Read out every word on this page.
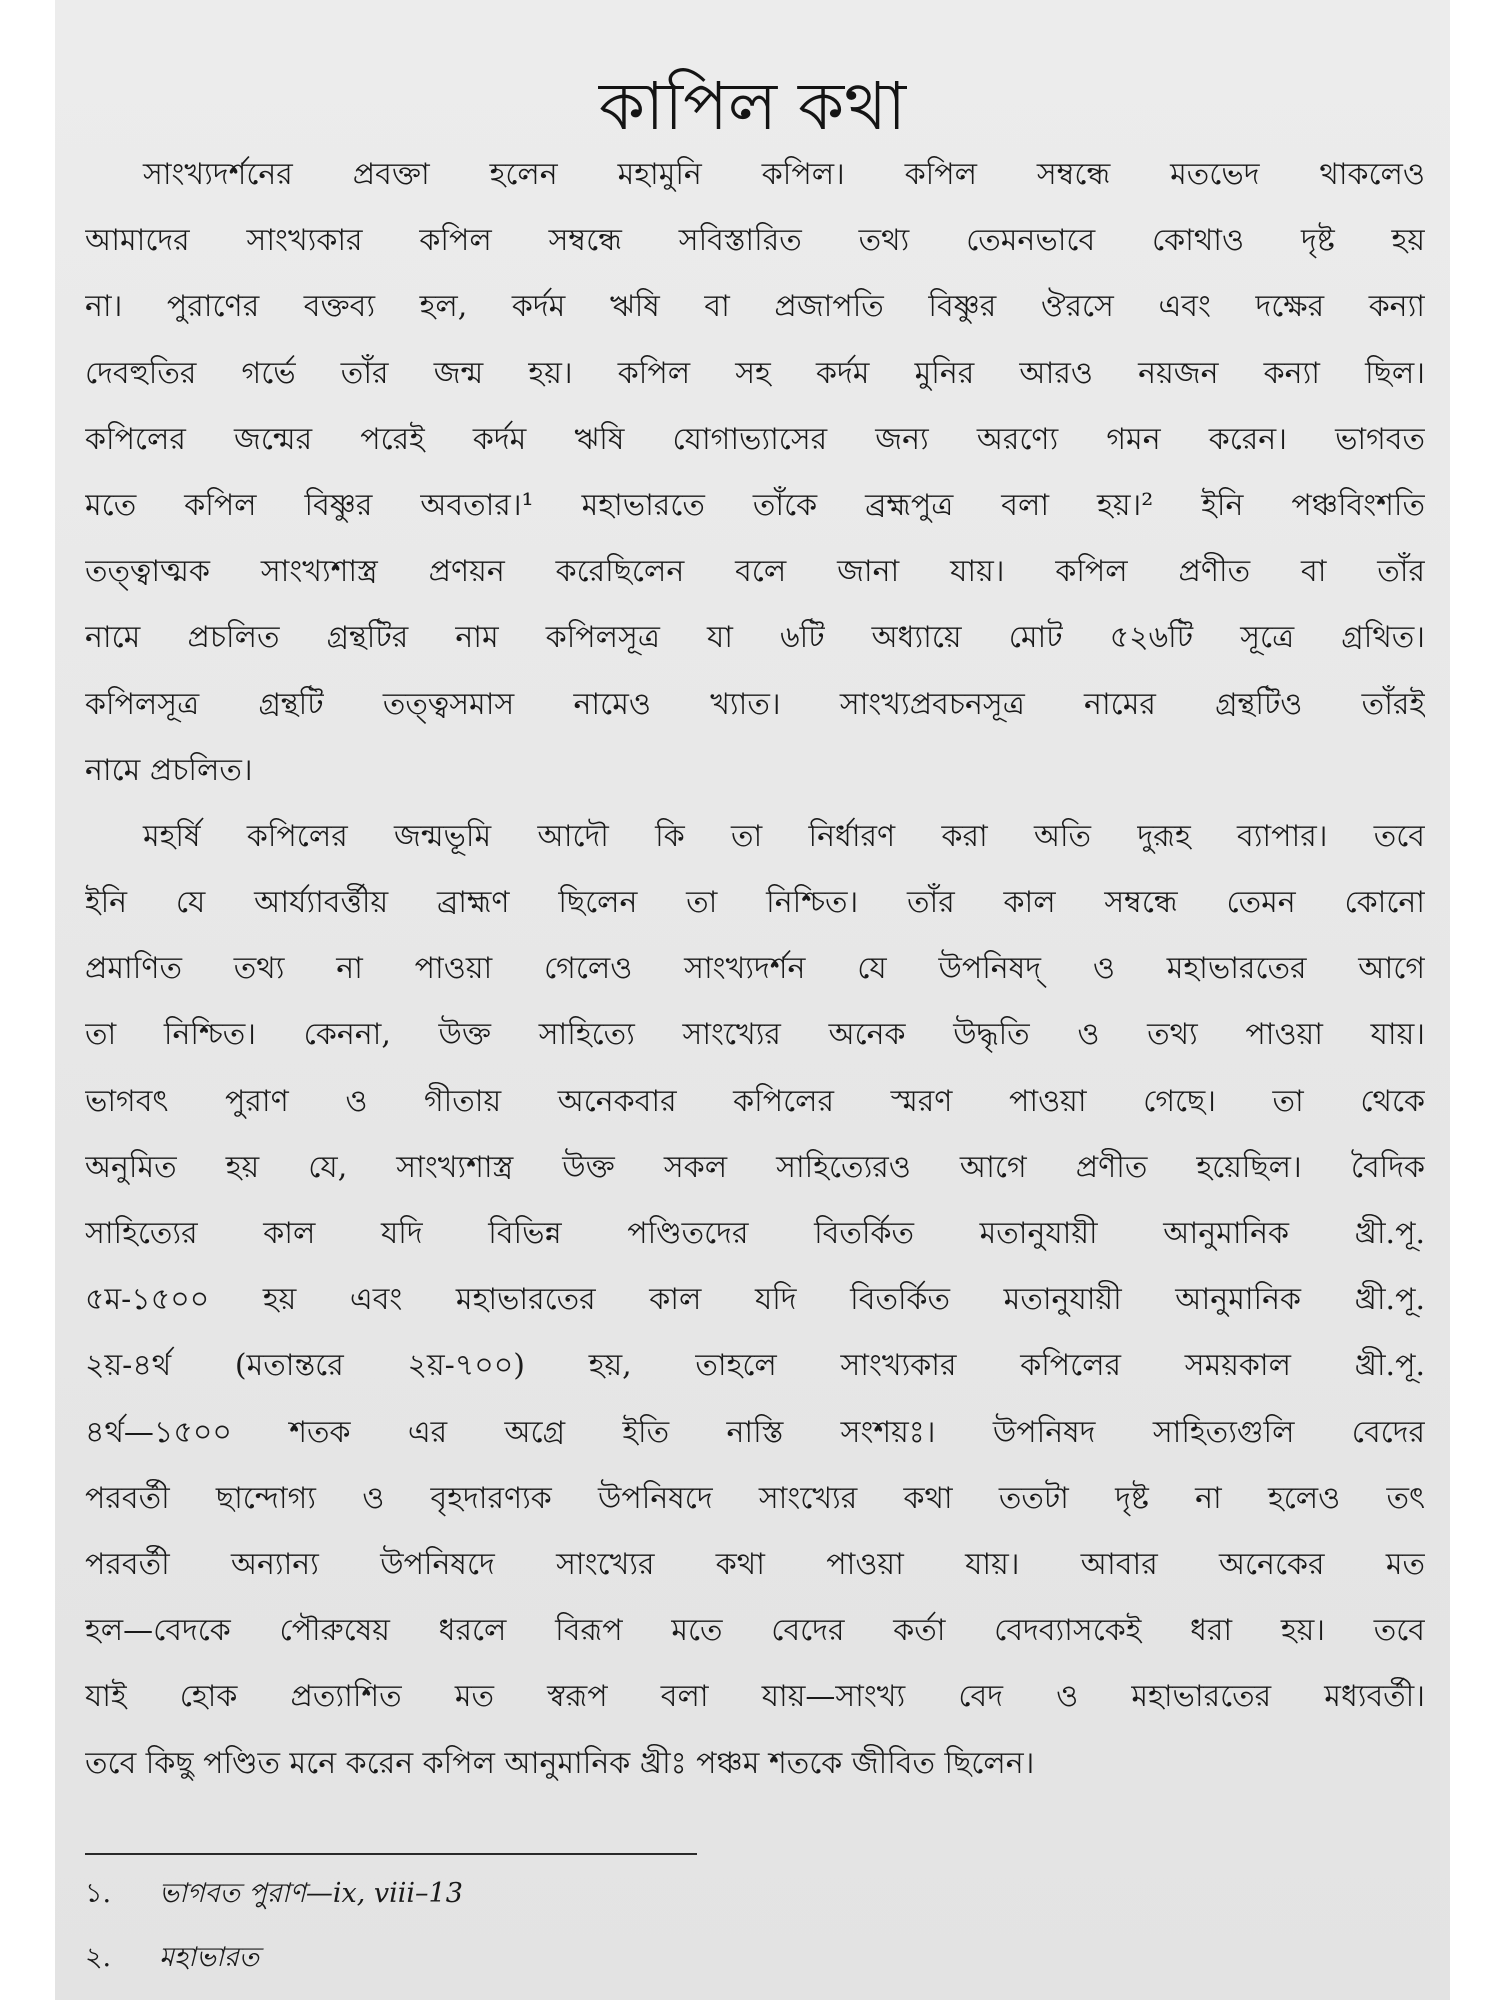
কাপিল কথা
সাংখ্যদর্শনের প্রবক্তা হলেন মহামুনি কপিল। কপিল সম্বন্ধে মতভেদ থাকলেও
আমাদের সাংখ্যকার কপিল সম্বন্ধে সবিস্তারিত তথ্য তেমনভাবে কোথাও দৃষ্ট হয়
না। পুরাণের বক্তব্য হল, কর্দম ঋষি বা প্রজাপতি বিষ্ণুর ঔরসে এবং দক্ষের কন্যা
দেবহুতির গর্ভে তাঁর জন্ম হয়। কপিল সহ কর্দম মুনির আরও নয়জন কন্যা ছিল।
কপিলের জন্মের পরেই কর্দম ঋষি যোগাভ্যাসের জন্য অরণ্যে গমন করেন। ভাগবত
মতে কপিল বিষ্ণুর অবতার।¹ মহাভারতে তাঁকে ব্রহ্মপুত্র বলা হয়।² ইনি পঞ্চবিংশতি
তত্ত্বাত্মক সাংখ্যশাস্ত্র প্রণয়ন করেছিলেন বলে জানা যায়। কপিল প্রণীত বা তাঁর
নামে প্রচলিত গ্রন্থটির নাম কপিলসূত্র যা ৬টি অধ্যায়ে মোট ৫২৬টি সূত্রে গ্রথিত।
কপিলসূত্র গ্রন্থটি তত্ত্বসমাস নামেও খ্যাত। সাংখ্যপ্রবচনসূত্র নামের গ্রন্থটিও তাঁরই
নামে প্রচলিত।
মহর্ষি কপিলের জন্মভূমি আদৌ কি তা নির্ধারণ করা অতি দুরূহ ব্যাপার। তবে
ইনি যে আর্য্যাবর্ত্তীয় ব্রাহ্মণ ছিলেন তা নিশ্চিত। তাঁর কাল সম্বন্ধে তেমন কোনো
প্রমাণিত তথ্য না পাওয়া গেলেও সাংখ্যদর্শন যে উপনিষদ্ ও মহাভারতের আগে
তা নিশ্চিত। কেননা, উক্ত সাহিত্যে সাংখ্যের অনেক উদ্ধৃতি ও তথ্য পাওয়া যায়।
ভাগবৎ পুরাণ ও গীতায় অনেকবার কপিলের স্মরণ পাওয়া গেছে। তা থেকে
অনুমিত হয় যে, সাংখ্যশাস্ত্র উক্ত সকল সাহিত্যেরও আগে প্রণীত হয়েছিল। বৈদিক
সাহিত্যের কাল যদি বিভিন্ন পণ্ডিতদের বিতর্কিত মতানুযায়ী আনুমানিক খ্রী.পূ.
৫ম-১৫০০ হয় এবং মহাভারতের কাল যদি বিতর্কিত মতানুযায়ী আনুমানিক খ্রী.পূ.
২য়-৪র্থ (মতান্তরে ২য়-৭০০) হয়, তাহলে সাংখ্যকার কপিলের সময়কাল খ্রী.পূ.
৪র্থ—১৫০০ শতক এর অগ্রে ইতি নাস্তি সংশয়ঃ। উপনিষদ সাহিত্যগুলি বেদের
পরবর্তী ছান্দোগ্য ও বৃহদারণ্যক উপনিষদে সাংখ্যের কথা ততটা দৃষ্ট না হলেও তৎ
পরবর্তী অন্যান্য উপনিষদে সাংখ্যের কথা পাওয়া যায়। আবার অনেকের মত
হল—বেদকে পৌরুষেয় ধরলে বিরূপ মতে বেদের কর্তা বেদব্যাসকেই ধরা হয়। তবে
যাই হোক প্রত্যাশিত মত স্বরূপ বলা যায়—সাংখ্য বেদ ও মহাভারতের মধ্যবর্তী।
তবে কিছু পণ্ডিত মনে করেন কপিল আনুমানিক খ্রীঃ পঞ্চম শতকে জীবিত ছিলেন।
১. ভাগবত পুরাণ—ix, viii–13
২. মহাভারত
